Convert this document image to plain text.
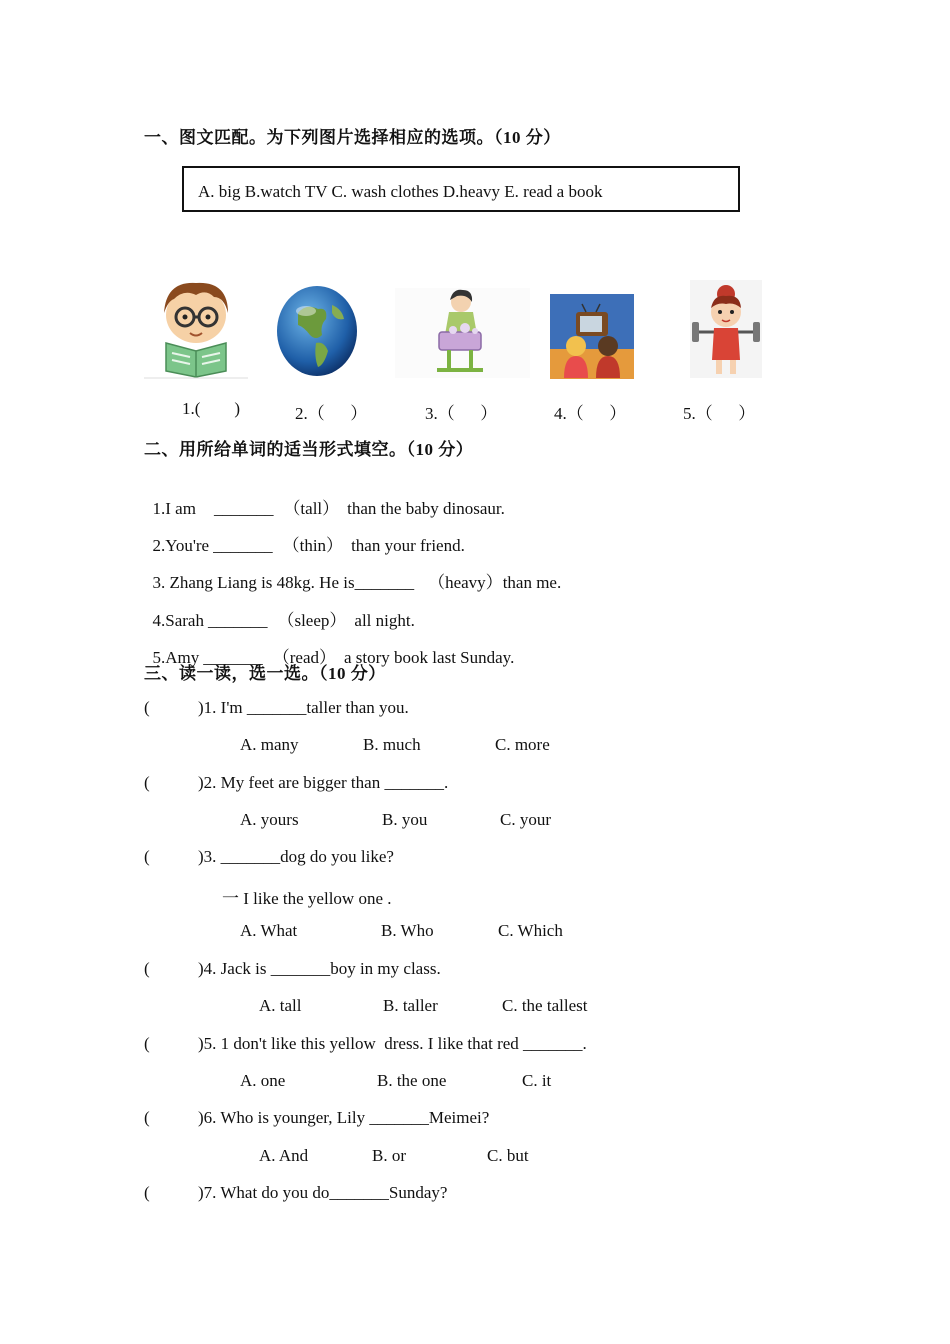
一、图文匹配。为下列图片选择相应的选项。（10 分）
A. big B.watch TV C. wash clothes D.heavy E. read a book
1.(        )	2.（      ）	3.（      ）	4.（      ）	5.（      ）
二、用所给单词的适当形式填空。（10 分）

1.I am _______ （tall） than the baby dinosaur.

2.You're _______ （thin） than your friend.

3. Zhang Liang is 48kg. He is_______ （heavy）than me.

4.Sarah _______ （sleep） all night.

5.Amy _______ （read） a story book last Sunday.

三、读一读，选一选。（10 分）
(	)1. I'm _______taller than you.
A. many	B. much	C. more
(	)2. My feet are bigger than _______.
A. yours	B. you	C. your
(	)3. _______dog do you like?
一 I like the yellow one .
A. What	B. Who	C. Which
(	)4. Jack is _______boy in my class.
A. tall	B. taller	C. the tallest
(	)5. 1 don't like this yellow  dress. I like that red _______.
A. one	B. the one	C. it
(	)6. Who is younger, Lily _______Meimei?
A. And	B. or	C. but
(	)7. What do you do_______Sunday?
